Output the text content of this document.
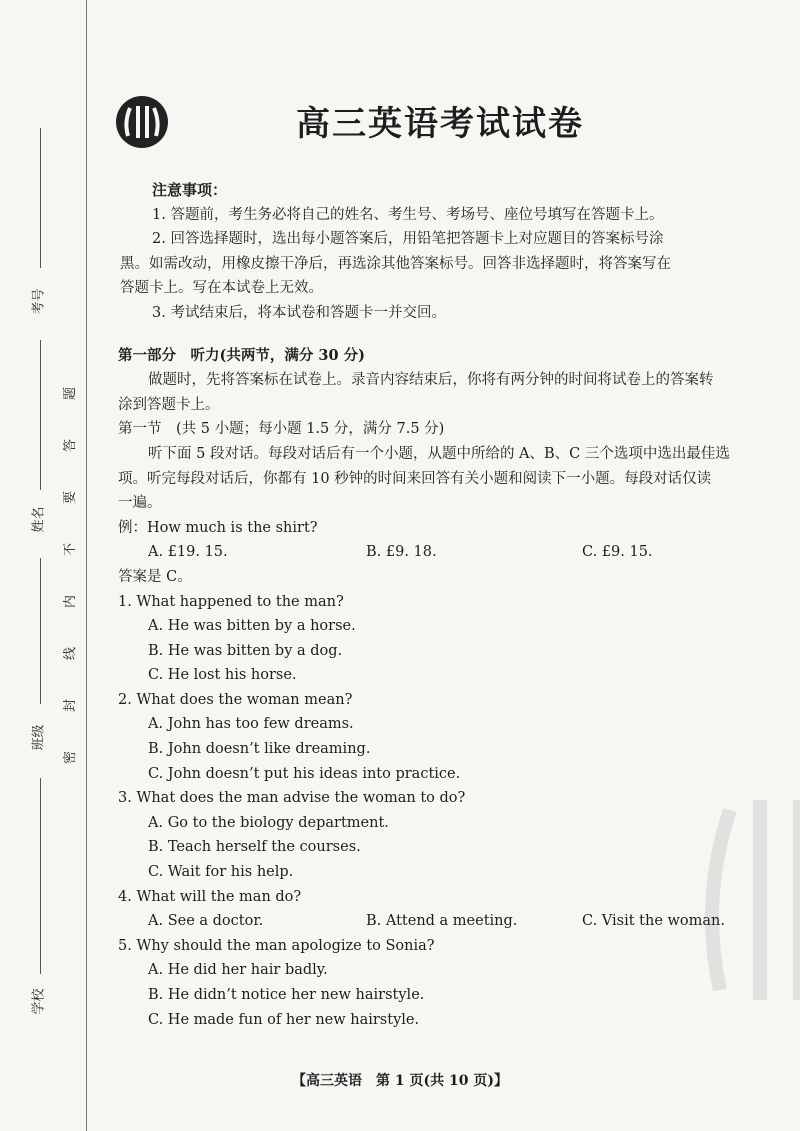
考号
姓名
班级
学校
题
答
要
不
内
线
封
密
高三英语考试试卷

注意事项：

1. 答题前，考生务必将自己的姓名、考生号、考场号、座位号填写在答题卡上。

2. 回答选择题时，选出每小题答案后，用铅笔把答题卡上对应题目的答案标号涂

黑。如需改动，用橡皮擦干净后，再选涂其他答案标号。回答非选择题时，将答案写在

答题卡上。写在本试卷上无效。

3. 考试结束后，将本试卷和答题卡一并交回。

第一部分　听力(共两节，满分 30 分)

做题时，先将答案标在试卷上。录音内容结束后，你将有两分钟的时间将试卷上的答案转

涂到答题卡上。

第一节　(共 5 小题；每小题 1.5 分，满分 7.5 分)

听下面 5 段对话。每段对话后有一个小题，从题中所给的 A、B、C 三个选项中选出最佳选

项。听完每段对话后，你都有 10 秒钟的时间来回答有关小题和阅读下一小题。每段对话仅读

一遍。

例：How much is the shirt?

A. £19. 15.	B. £9. 18.	C. £9. 15.

答案是 C。

1. What happened to the man?

A. He was bitten by a horse.

B. He was bitten by a dog.

C. He lost his horse.

2. What does the woman mean?

A. John has too few dreams.

B. John doesn’t like dreaming.

C. John doesn’t put his ideas into practice.

3. What does the man advise the woman to do?

A. Go to the biology department.

B. Teach herself the courses.

C. Wait for his help.

4. What will the man do?

A. See a doctor.	B. Attend a meeting.	C. Visit the woman.

5. Why should the man apologize to Sonia?

A. He did her hair badly.

B. He didn’t notice her new hairstyle.

C. He made fun of her new hairstyle.

【高三英语　第 1 页(共 10 页)】
